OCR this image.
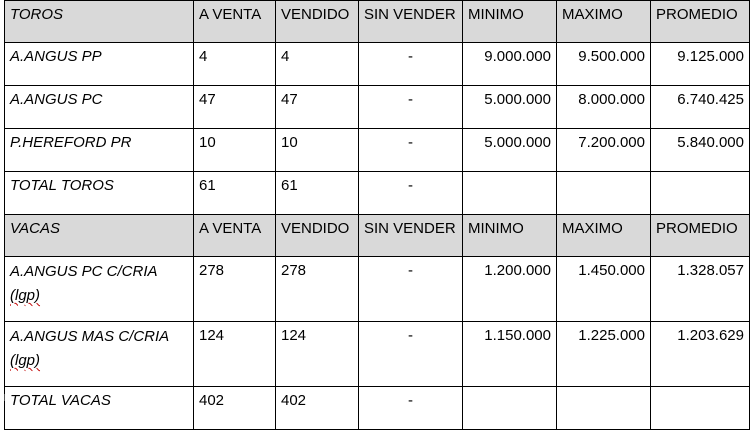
TOROS	A VENTA	VENDIDO	SIN VENDER	MINIMO	MAXIMO	PROMEDIO
A.ANGUS PP	4	4	-	9.000.000	9.500.000	9.125.000
A.ANGUS PC	47	47	-	5.000.000	8.000.000	6.740.425
P.HEREFORD PR	10	10	-	5.000.000	7.200.000	5.840.000
TOTAL TOROS	61	61	-			
VACAS	A VENTA	VENDIDO	SIN VENDER	MINIMO	MAXIMO	PROMEDIO
A.ANGUS PC C/CRIA
(lgp)	278	278	-	1.200.000	1.450.000	1.328.057
A.ANGUS MAS C/CRIA
(lgp)	124	124	-	1.150.000	1.225.000	1.203.629
TOTAL VACAS	402	402	-			
